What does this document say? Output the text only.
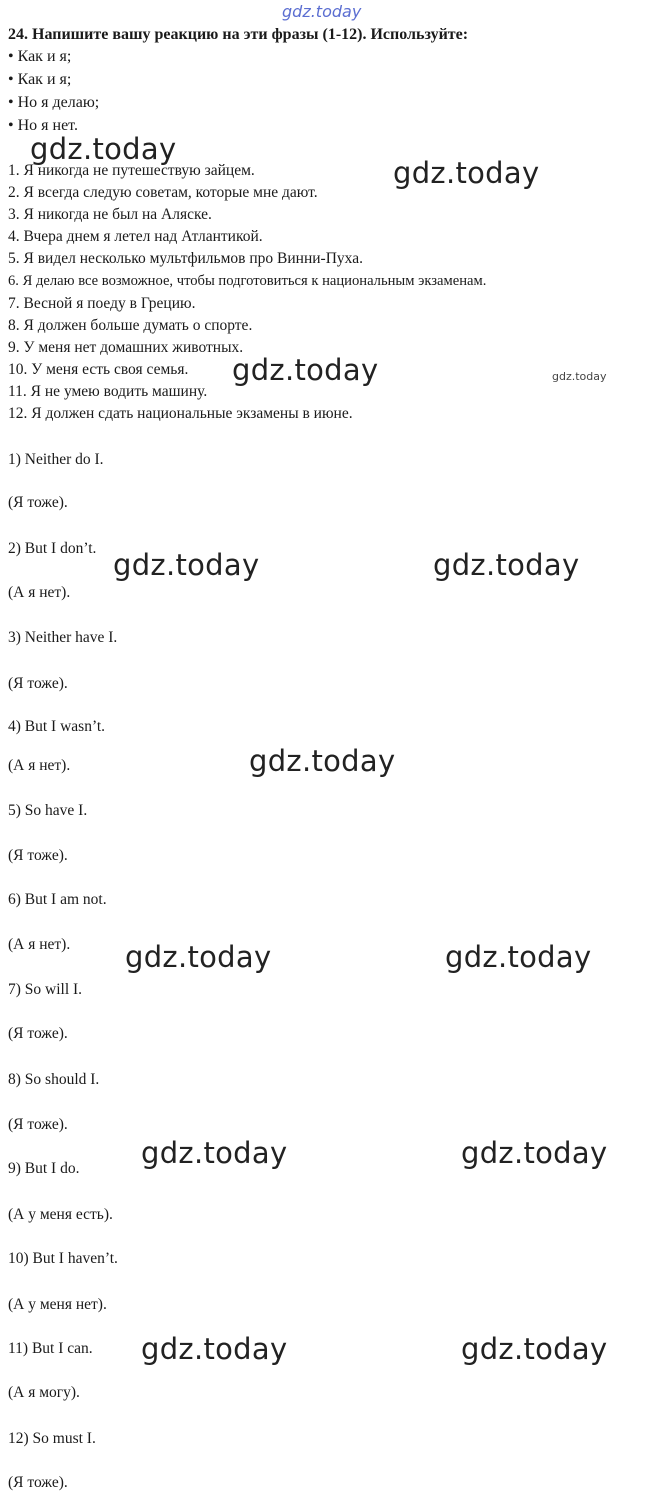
gdz.today
24. Напишите вашу реакцию на эти фразы (1-12). Используйте:
• Как и я;
• Как и я;
• Но я делаю;
• Но я нет.
1. Я никогда не путешествую зайцем.
2. Я всегда следую советам, которые мне дают.
3. Я никогда не был на Аляске.
4. Вчера днем я летел над Атлантикой.
5. Я видел несколько мультфильмов про Винни-Пуха.
6. Я делаю все возможное, чтобы подготовиться к национальным экзаменам.
7. Весной я поеду в Грецию.
8. Я должен больше думать о спорте.
9. У меня нет домашних животных.
10. У меня есть своя семья.
11. Я не умею водить машину.
12. Я должен сдать национальные экзамены в июне.
1) Neither do I.
(Я тоже).
2) But I don’t.
(А я нет).
3) Neither have I.
(Я тоже).
4) But I wasn’t.
(А я нет).
5) So have I.
(Я тоже).
6) But I am not.
(А я нет).
7) So will I.
(Я тоже).
8) So should I.
(Я тоже).
9) But I do.
(А у меня есть).
10) But I haven’t.
(А у меня нет).
11) But I can.
(А я могу).
12) So must I.
(Я тоже).
gdz.today
gdz.today
gdz.today	gdz.today
gdz.today	gdz.today
gdz.today
gdz.today	gdz.today
gdz.today	gdz.today
gdz.today	gdz.today
